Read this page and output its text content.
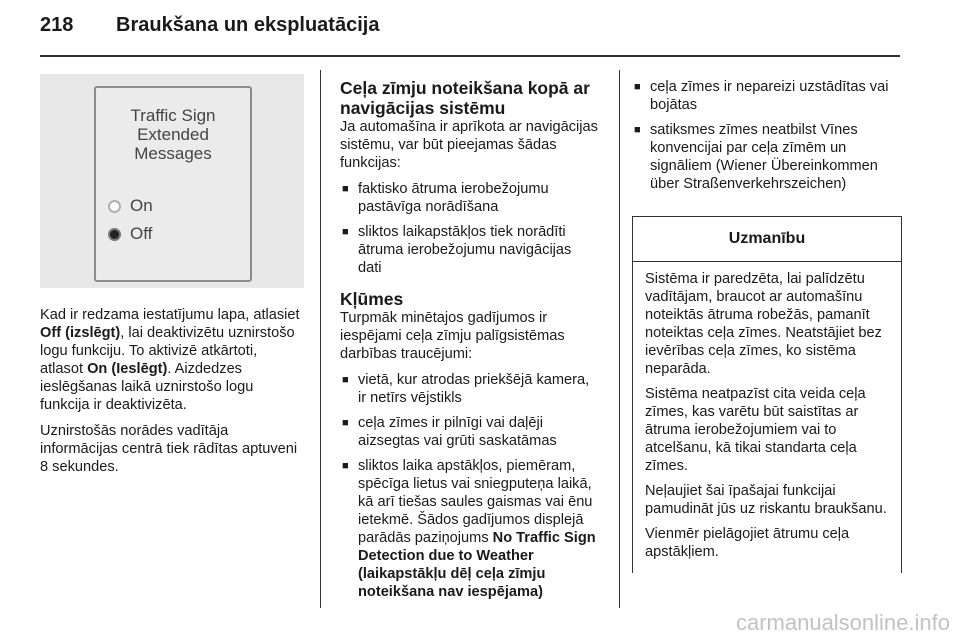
218 Braukšana un ekspluatācija
Traffic Sign
Extended
Messages
On
Off

Kad ir redzama iestatījumu lapa, atlasiet Off (izslēgt), lai deaktivizētu uznirstošo logu funkciju. To aktivizē atkārtoti, atlasot On (Ieslēgt). Aizdedzes ieslēgšanas laikā uznirstošo logu funkcija ir deaktivizēta.

Uznirstošās norādes vadītāja informācijas centrā tiek rādītas aptuveni 8 sekundes.

Ceļa zīmju noteikšana kopā ar navigācijas sistēmu

Ja automašīna ir aprīkota ar navigācijas sistēmu, var būt pieejamas šādas funkcijas:

■ faktisko ātruma ierobežojumu pastāvīga norādīšana
■ sliktos laikapstākļos tiek norādīti ātruma ierobežojumu navigācijas dati
Kļūmes

Turpmāk minētajos gadījumos ir iespējami ceļa zīmju palīgsistēmas darbības traucējumi:

■ vietā, kur atrodas priekšējā kamera, ir netīrs vējstikls
■ ceļa zīmes ir pilnīgi vai daļēji aizsegtas vai grūti saskatāmas
■ sliktos laika apstākļos, piemēram, spēcīga lietus vai sniegputeņa laikā, kā arī tiešas saules gaismas vai ēnu ietekmē. Šādos gadījumos displejā parādās paziņojums No Traffic Sign Detection due to Weather (laikapstākļu dēļ ceļa zīmju noteikšana nav iespējama)
■ ceļa zīmes ir nepareizi uzstādītas vai bojātas
■ satiksmes zīmes neatbilst Vīnes konvencijai par ceļa zīmēm un signāliem (Wiener Übereinkommen über Straßenverkehrszeichen)
Uzmanību

Sistēma ir paredzēta, lai palīdzētu vadītājam, braucot ar automašīnu noteiktās ātruma robežās, pamanīt noteiktas ceļa zīmes. Neatstājiet bez ievērības ceļa zīmes, ko sistēma neparāda.

Sistēma neatpazīst cita veida ceļa zīmes, kas varētu būt saistītas ar ātruma ierobežojumiem vai to atcelšanu, kā tikai standarta ceļa zīmes.

Neļaujiet šai īpašajai funkcijai pamudināt jūs uz riskantu braukšanu.

Vienmēr pielāgojiet ātrumu ceļa apstākļiem.

carmanualsonline.info
